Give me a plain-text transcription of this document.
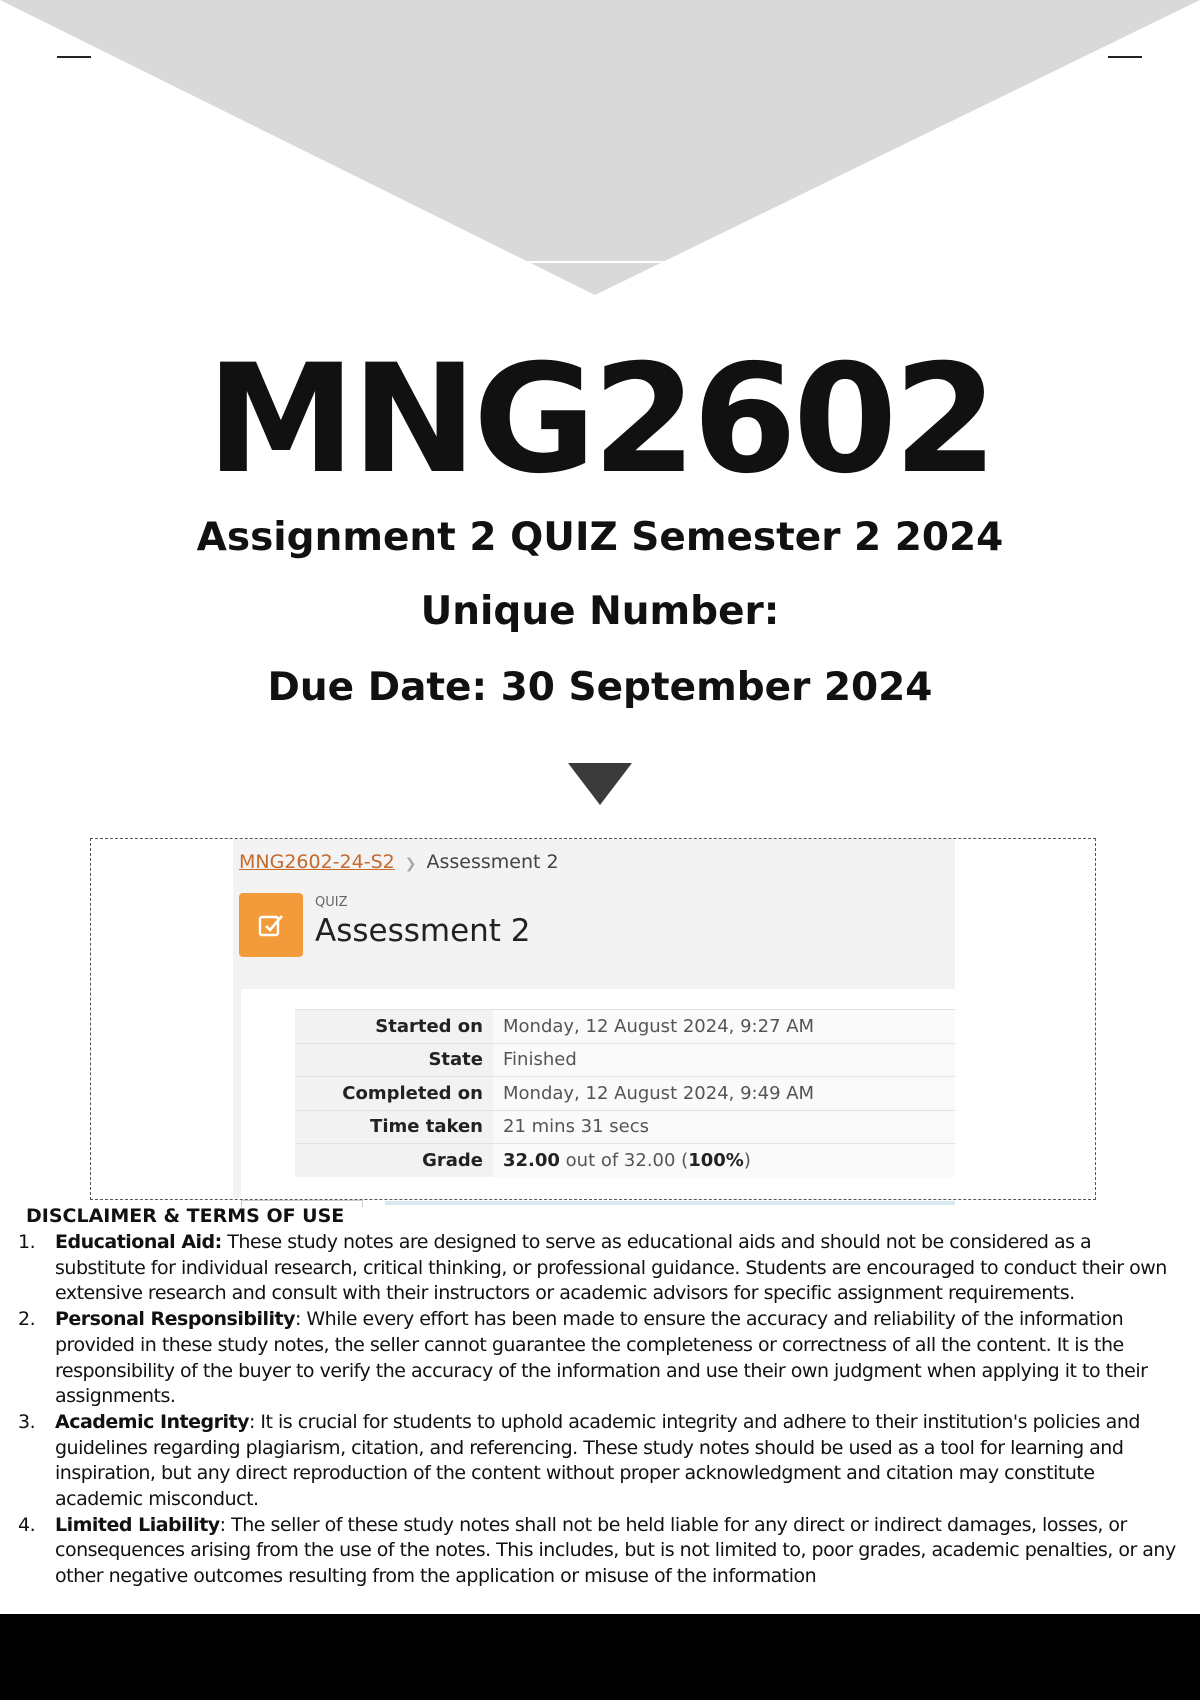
MNG2602
Assignment 2 QUIZ Semester 2 2024
Unique Number:
Due Date: 30 September 2024
MNG2602-24-S2 ❯ Assessment 2
QUIZ
Assessment 2
Started on	Monday, 12 August 2024, 9:27 AM
State	Finished
Completed on	Monday, 12 August 2024, 9:49 AM
Time taken	21 mins 31 secs
Grade	32.00 out of 32.00 (100%)
DISCLAIMER & TERMS OF USE
1. Educational Aid: These study notes are designed to serve as educational aids and should not be considered as a substitute for individual research, critical thinking, or professional guidance. Students are encouraged to conduct their own extensive research and consult with their instructors or academic advisors for specific assignment requirements.
2. Personal Responsibility: While every effort has been made to ensure the accuracy and reliability of the information provided in these study notes, the seller cannot guarantee the completeness or correctness of all the content. It is the responsibility of the buyer to verify the accuracy of the information and use their own judgment when applying it to their assignments.
3. Academic Integrity: It is crucial for students to uphold academic integrity and adhere to their institution's policies and guidelines regarding plagiarism, citation, and referencing. These study notes should be used as a tool for learning and inspiration, but any direct reproduction of the content without proper acknowledgment and citation may constitute academic misconduct.
4. Limited Liability: The seller of these study notes shall not be held liable for any direct or indirect damages, losses, or consequences arising from the use of the notes. This includes, but is not limited to, poor grades, academic penalties, or any other negative outcomes resulting from the application or misuse of the information
